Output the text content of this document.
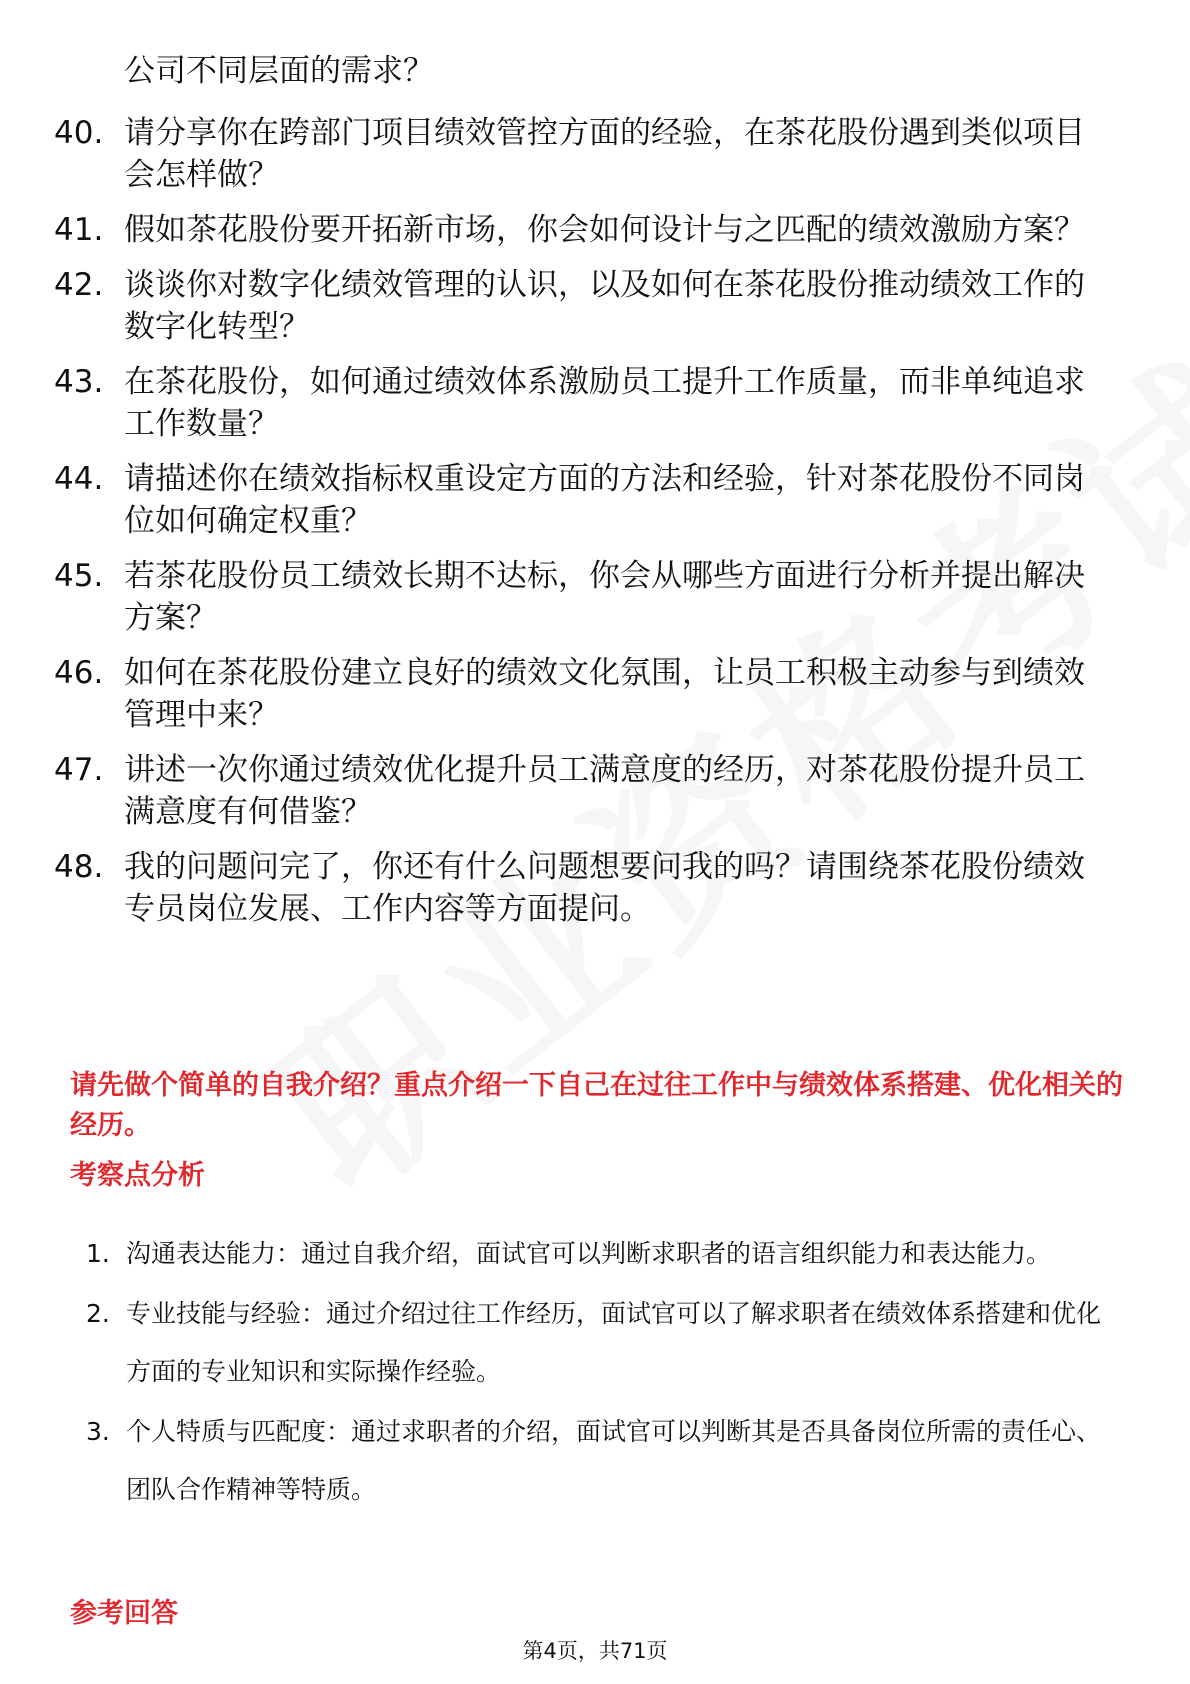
公司不同层面的需求？
40. 请分享你在跨部门项目绩效管控方面的经验，在茶花股份遇到类似项目会怎样做？
41. 假如茶花股份要开拓新市场，你会如何设计与之匹配的绩效激励方案？
42. 谈谈你对数字化绩效管理的认识，以及如何在茶花股份推动绩效工作的数字化转型？
43. 在茶花股份，如何通过绩效体系激励员工提升工作质量，而非单纯追求工作数量？
44. 请描述你在绩效指标权重设定方面的方法和经验，针对茶花股份不同岗位如何确定权重？
45. 若茶花股份员工绩效长期不达标，你会从哪些方面进行分析并提出解决方案？
46. 如何在茶花股份建立良好的绩效文化氛围，让员工积极主动参与到绩效管理中来？
47. 讲述一次你通过绩效优化提升员工满意度的经历，对茶花股份提升员工满意度有何借鉴？
48. 我的问题问完了，你还有什么问题想要问我的吗？请围绕茶花股份绩效专员岗位发展、工作内容等方面提问。
请先做个简单的自我介绍？重点介绍一下自己在过往工作中与绩效体系搭建、优化相关的经历。
考察点分析
1. 沟通表达能力：通过自我介绍，面试官可以判断求职者的语言组织能力和表达能力。
2. 专业技能与经验：通过介绍过往工作经历，面试官可以了解求职者在绩效体系搭建和优化方面的专业知识和实际操作经验。
3. 个人特质与匹配度：通过求职者的介绍，面试官可以判断其是否具备岗位所需的责任心、团队合作精神等特质。
参考回答
第4页，共71页
